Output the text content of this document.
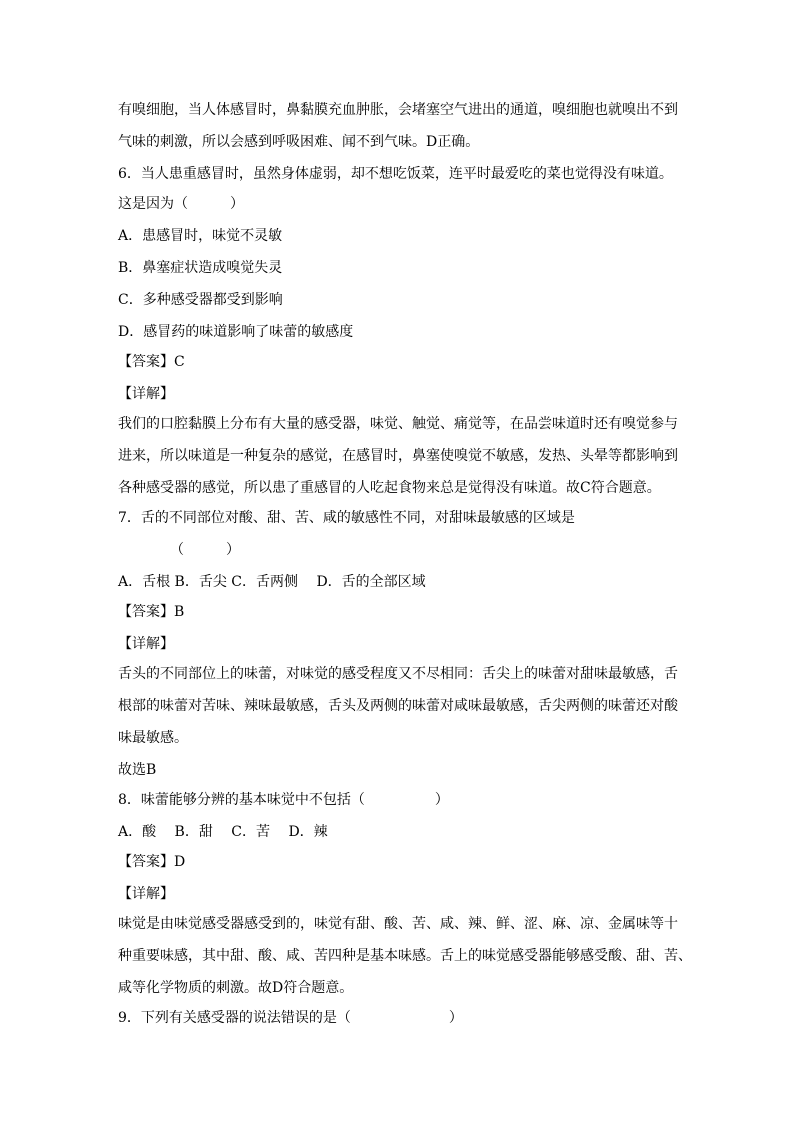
有嗅细胞，当人体感冒时，鼻黏膜充血肿胀，会堵塞空气进出的通道，嗅细胞也就嗅出不到
气味的刺激，所以会感到呼吸困难、闻不到气味。D正确。
6．当人患重感冒时，虽然身体虚弱，却不想吃饭菜，连平时最爱吃的菜也觉得没有味道。
这是因为（　　　）
A．患感冒时，味觉不灵敏
B．鼻塞症状造成嗅觉失灵
C．多种感受器都受到影响
D．感冒药的味道影响了味蕾的敏感度
【答案】C
【详解】
我们的口腔黏膜上分布有大量的感受器，味觉、触觉、痛觉等，在品尝味道时还有嗅觉参与
进来，所以味道是一种复杂的感觉，在感冒时，鼻塞使嗅觉不敏感，发热、头晕等都影响到
各种感受器的感觉，所以患了重感冒的人吃起食物来总是觉得没有味道。故C符合题意。
7．舌的不同部位对酸、甜、苦、咸的敏感性不同，对甜味最敏感的区域是
（　　　）
A．舌根 B．舌尖 C．舌两侧　 D．舌的全部区域
【答案】B
【详解】
舌头的不同部位上的味蕾，对味觉的感受程度又不尽相同：舌尖上的味蕾对甜味最敏感，舌
根部的味蕾对苦味、辣味最敏感，舌头及两侧的味蕾对咸味最敏感，舌尖两侧的味蕾还对酸
味最敏感。
故选B
8．味蕾能够分辨的基本味觉中不包括（　　　　　）
A．酸　 B．甜　 C．苦　 D．辣
【答案】D
【详解】
味觉是由味觉感受器感受到的，味觉有甜、酸、苦、咸、辣、鲜、涩、麻、凉、金属味等十
种重要味感，其中甜、酸、咸、苦四种是基本味感。舌上的味觉感受器能够感受酸、甜、苦、
咸等化学物质的刺激。故D符合题意。
9．下列有关感受器的说法错误的是（　　　　　　　）
